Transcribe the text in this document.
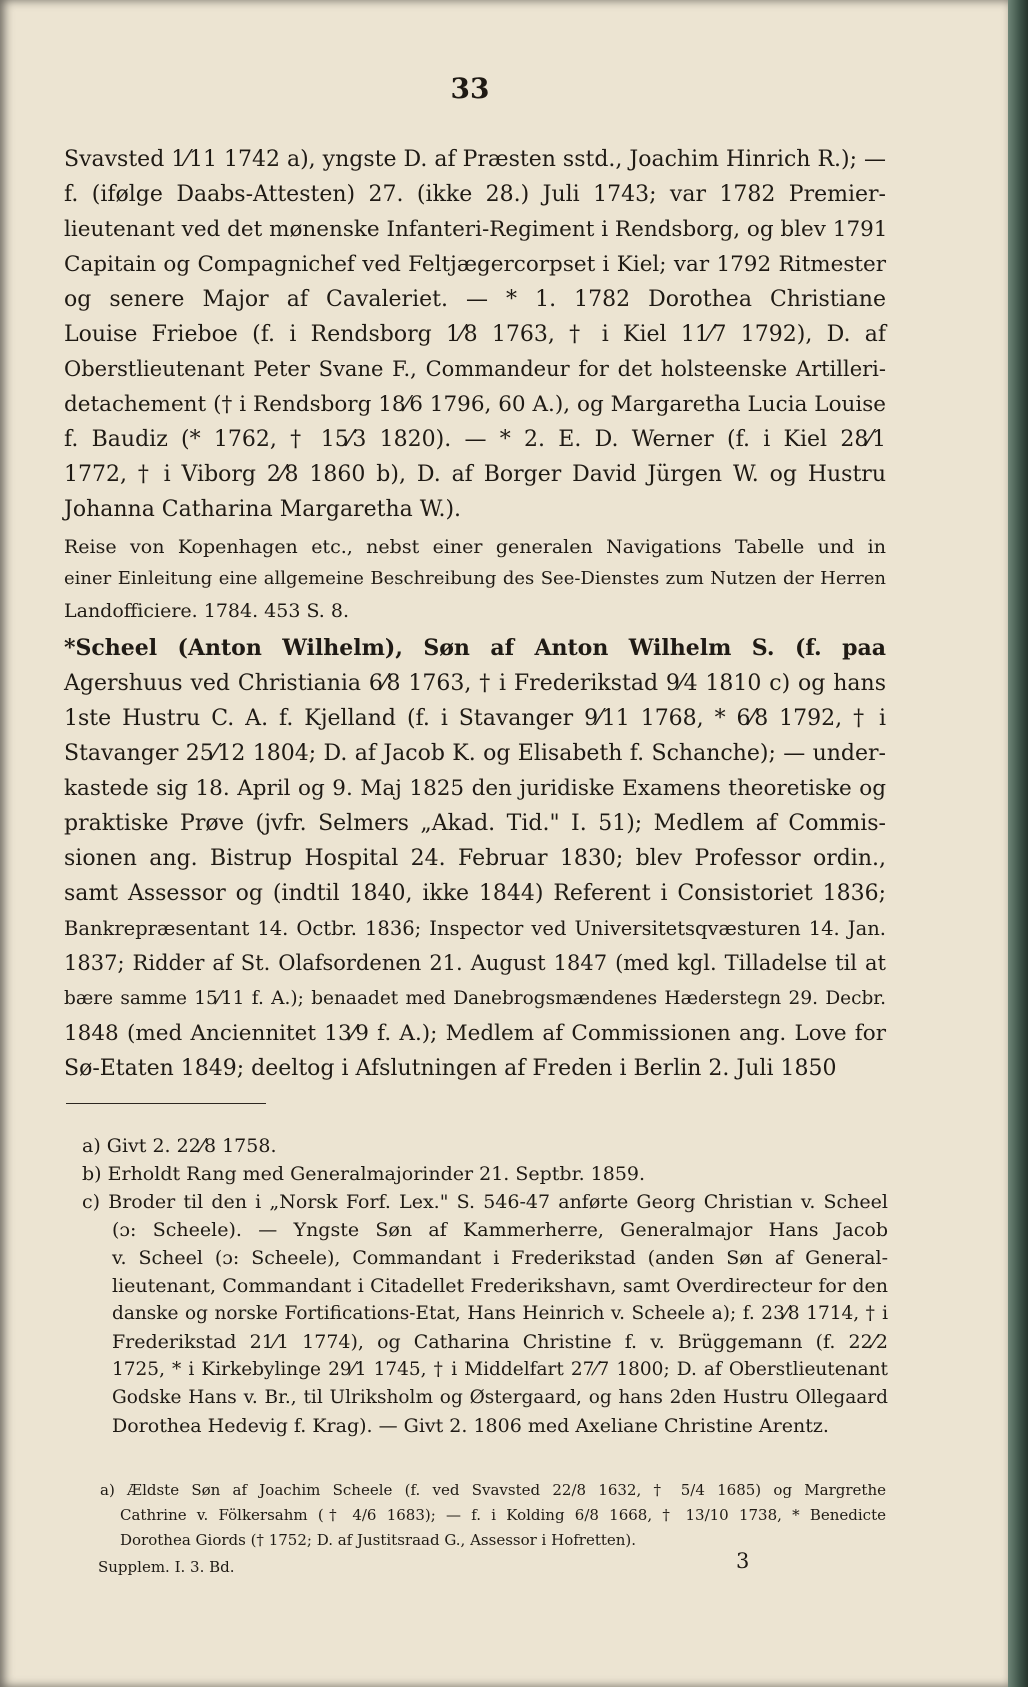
33
Svavsted 1⁄11 1742 a), yngste D. af Præsten sstd., Joachim Hinrich R.); —
f. (ifølge Daabs-Attesten) 27. (ikke 28.) Juli 1743; var 1782 Premier-
lieutenant ved det mønenske Infanteri-Regiment i Rendsborg, og blev 1791
Capitain og Compagnichef ved Feltjægercorpset i Kiel; var 1792 Ritmester
og senere Major af Cavaleriet. — * 1. 1782 Dorothea Christiane
Louise Frieboe (f. i Rendsborg 1⁄8 1763, † i Kiel 11⁄7 1792), D. af
Oberstlieutenant Peter Svane F., Commandeur for det holsteenske Artilleri-
detachement († i Rendsborg 18⁄6 1796, 60 A.), og Margaretha Lucia Louise
f. Baudiz (* 1762, † 15⁄3 1820). — * 2. E. D. Werner (f. i Kiel 28⁄1
1772, † i Viborg 2⁄8 1860 b), D. af Borger David Jürgen W. og Hustru
Johanna Catharina Margaretha W.).
Reise von Kopenhagen etc., nebst einer generalen Navigations Tabelle und in
einer Einleitung eine allgemeine Beschreibung des See-Dienstes zum Nutzen der Herren
Landofficiere. 1784. 453 S. 8.
*Scheel (Anton Wilhelm), Søn af Anton Wilhelm S. (f. paa
Agershuus ved Christiania 6⁄8 1763, † i Frederikstad 9⁄4 1810 c) og hans
1ste Hustru C. A. f. Kjelland (f. i Stavanger 9⁄11 1768, * 6⁄8 1792, † i
Stavanger 25⁄12 1804; D. af Jacob K. og Elisabeth f. Schanche); — under-
kastede sig 18. April og 9. Maj 1825 den juridiske Examens theoretiske og
praktiske Prøve (jvfr. Selmers „Akad. Tid." I. 51); Medlem af Commis-
sionen ang. Bistrup Hospital 24. Februar 1830; blev Professor ordin.,
samt Assessor og (indtil 1840, ikke 1844) Referent i Consistoriet 1836;
Bankrepræsentant 14. Octbr. 1836; Inspector ved Universitetsqvæsturen 14. Jan.
1837; Ridder af St. Olafsordenen 21. August 1847 (med kgl. Tilladelse til at
bære samme 15⁄11 f. A.); benaadet med Danebrogsmændenes Hæderstegn 29. Decbr.
1848 (med Anciennitet 13⁄9 f. A.); Medlem af Commissionen ang. Love for
Sø-Etaten 1849; deeltog i Afslutningen af Freden i Berlin 2. Juli 1850
a) Givt 2. 22⁄8 1758.
b) Erholdt Rang med Generalmajorinder 21. Septbr. 1859.
c) Broder til den i „Norsk Forf. Lex." S. 546-47 anførte Georg Christian v. Scheel
(ɔ: Scheele). — Yngste Søn af Kammerherre, Generalmajor Hans Jacob
v. Scheel (ɔ: Scheele), Commandant i Frederikstad (anden Søn af General-
lieutenant, Commandant i Citadellet Frederikshavn, samt Overdirecteur for den
danske og norske Fortifications-Etat, Hans Heinrich v. Scheele a); f. 23⁄8 1714, † i
Frederikstad 21⁄1 1774), og Catharina Christine f. v. Brüggemann (f. 22⁄2
1725, * i Kirkebylinge 29⁄1 1745, † i Middelfart 27⁄7 1800; D. af Oberstlieutenant
Godske Hans v. Br., til Ulriksholm og Østergaard, og hans 2den Hustru Ollegaard
Dorothea Hedevig f. Krag). — Givt 2. 1806 med Axeliane Christine Arentz.
a) Ældste Søn af Joachim Scheele (f. ved Svavsted 22/8 1632, † 5/4 1685) og Margrethe
Cathrine v. Fölkersahm († 4/6 1683); — f. i Kolding 6/8 1668, † 13/10 1738, * Benedicte
Dorothea Giords († 1752; D. af Justitsraad G., Assessor i Hofretten).
Supplem. I. 3. Bd.	3
